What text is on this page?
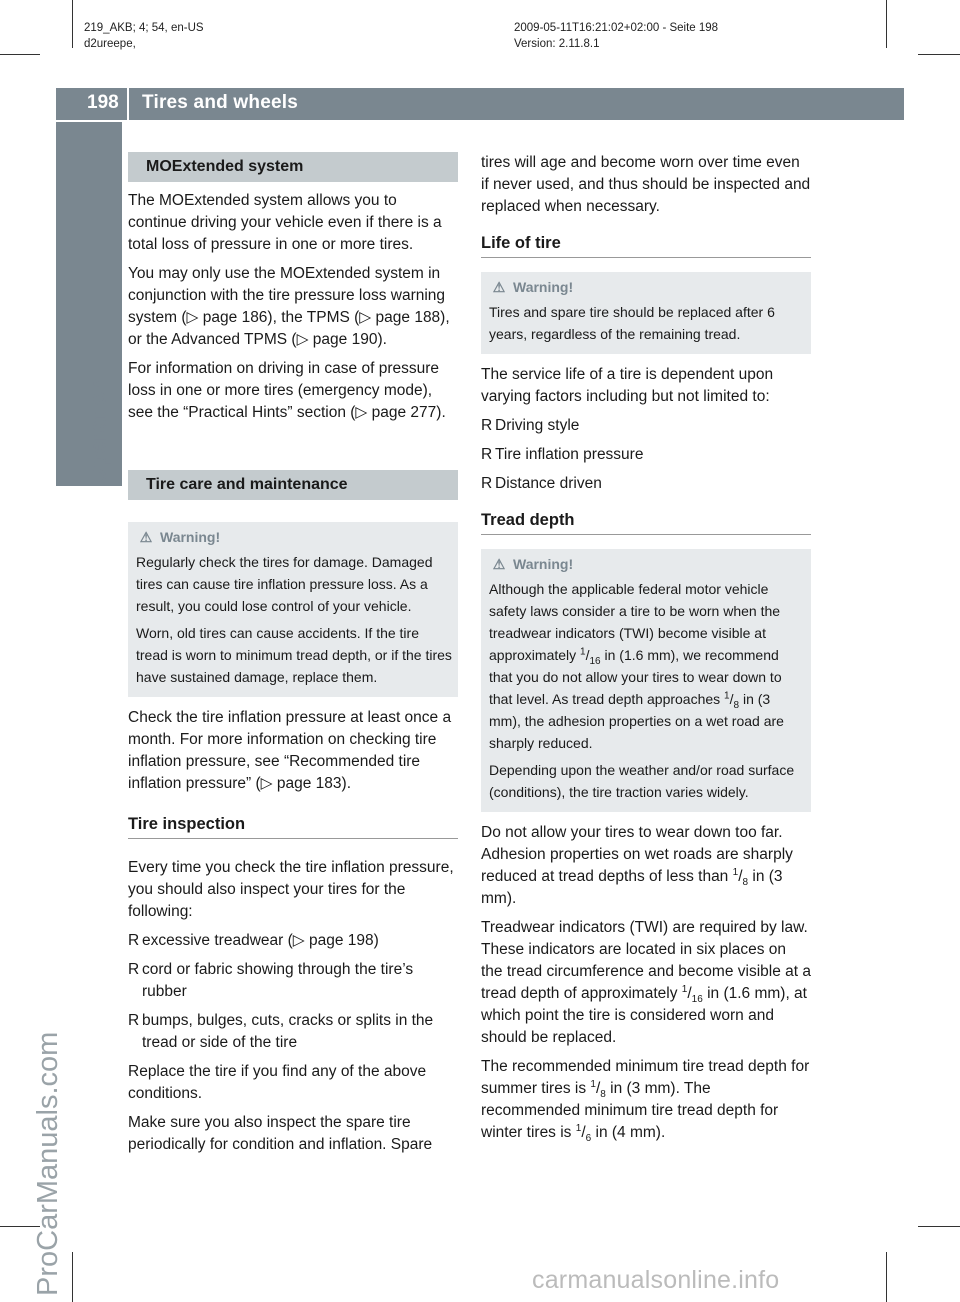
219_AKB; 4; 54, en-US
d2ureepe,
2009-05-11T16:21:02+02:00 - Seite 198
Version: 2.11.8.1
198 Tires and wheels
Operation
ProCarManuals.com	carmanualsonline.info
MOExtended system

The MOExtended system allows you to continue driving your vehicle even if there is a total loss of pressure in one or more tires.

You may only use the MOExtended system in conjunction with the tire pressure loss warning system (▷ page 186), the TPMS (▷ page 188), or the Advanced TPMS (▷ page 190).

For information on driving in case of pressure loss in one or more tires (emergency mode), see the “Practical Hints” section (▷ page 277).

Tire care and maintenance
⚠ Warning!

Regularly check the tires for damage. Damaged tires can cause tire inflation pressure loss. As a result, you could lose control of your vehicle.

Worn, old tires can cause accidents. If the tire tread is worn to minimum tread depth, or if the tires have sustained damage, replace them.

Check the tire inflation pressure at least once a month. For more information on checking tire inflation pressure, see “Recommended tire inflation pressure” (▷ page 183).

Tire inspection

Every time you check the tire inflation pressure, you should also inspect your tires for the following:

R excessive treadwear (▷ page 198)
R cord or fabric showing through the tire’s rubber
R bumps, bulges, cuts, cracks or splits in the tread or side of the tire

Replace the tire if you find any of the above conditions.

Make sure you also inspect the spare tire periodically for condition and inflation. Spare

tires will age and become worn over time even if never used, and thus should be inspected and replaced when necessary.

Life of tire
⚠ Warning!

Tires and spare tire should be replaced after 6 years, regardless of the remaining tread.

The service life of a tire is dependent upon varying factors including but not limited to:

R Driving style
R Tire inflation pressure
R Distance driven
Tread depth
⚠ Warning!

Although the applicable federal motor vehicle safety laws consider a tire to be worn when the treadwear indicators (TWI) become visible at approximately $^1/_{16}$ in (1.6 mm), we recommend that you do not allow your tires to wear down to that level. As tread depth approaches $^1/_8$ in (3 mm), the adhesion properties on a wet road are sharply reduced.

Depending upon the weather and/or road surface (conditions), the tire traction varies widely.

Do not allow your tires to wear down too far. Adhesion properties on wet roads are sharply reduced at tread depths of less than $^1/_8$ in (3 mm).

Treadwear indicators (TWI) are required by law. These indicators are located in six places on the tread circumference and become visible at a tread depth of approximately $^1/_{16}$ in (1.6 mm), at which point the tire is considered worn and should be replaced.

The recommended minimum tire tread depth for summer tires is $^1/_8$ in (3 mm). The recommended minimum tire tread depth for winter tires is $^1/_6$ in (4 mm).
